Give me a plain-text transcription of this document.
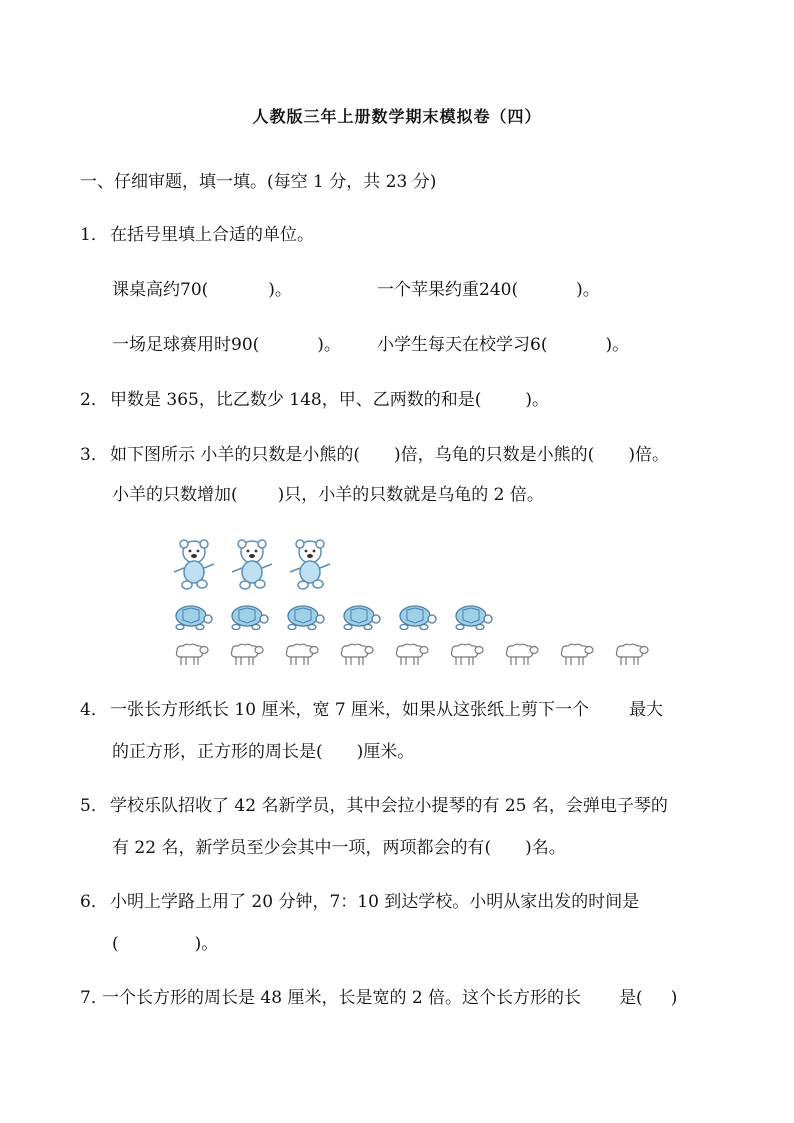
人教版三年上册数学期末模拟卷（四）
一、仔细审题，填一填。(每空 1 分，共 23 分)
1． 在括号里填上合适的单位。
课桌高约70(	)。	一个苹果约重240(	)。
一场足球赛用时90(	)。 小学生每天在校学习6(	)。
2． 甲数是 365，比乙数少 148，甲、乙两数的和是(	)。
3． 如下图所示 小羊的只数是小熊的( )倍，乌龟的只数是小熊的( )倍。
小羊的只数增加( )只，小羊的只数就是乌龟的 2 倍。
4． 一张长方形纸长 10 厘米，宽 7 厘米，如果从这张纸上剪下一个 最大
的正方形，正方形的周长是( )厘米。
5． 学校乐队招收了 42 名新学员，其中会拉小提琴的有 25 名，会弹电子琴的
有 22 名，新学员至少会其中一项，两项都会的有( )名。
6． 小明上学路上用了 20 分钟，7：10 到达学校。小明从家出发的时间是
(	)。
7．一个长方形的周长是 48 厘米，长是宽的 2 倍。这个长方形的长 是( )
